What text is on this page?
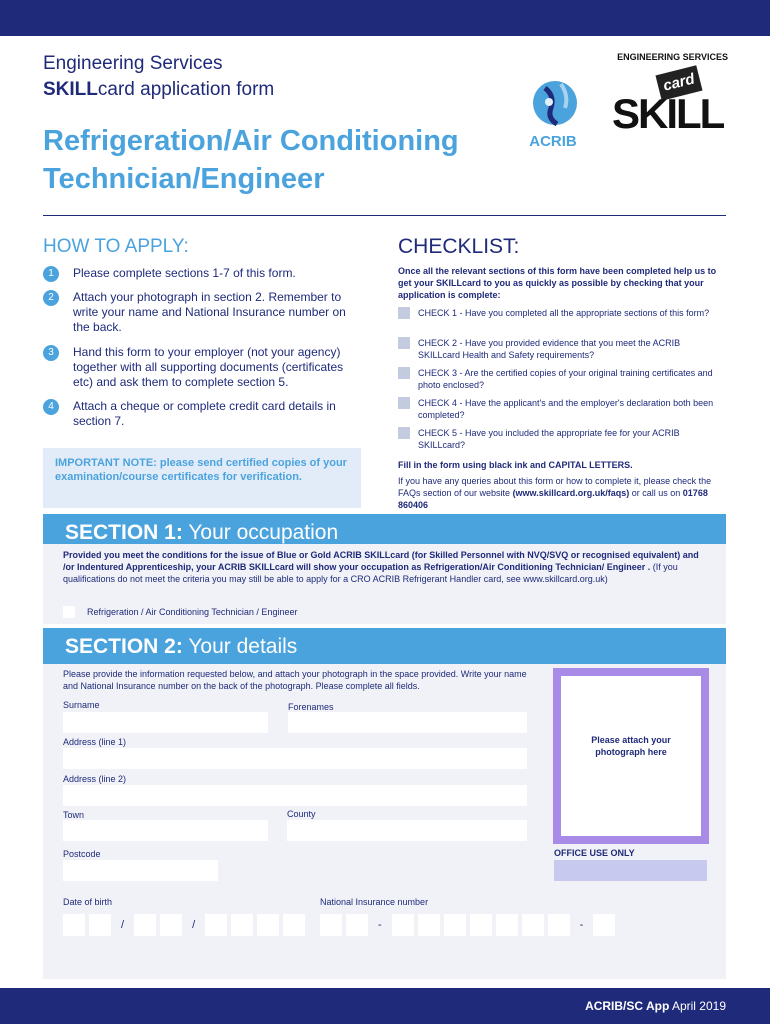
Engineering Services
SKILLcard application form
Refrigeration/Air Conditioning
Technician/Engineer
ACRIB
ENGINEERING SERVICES
card
SKILL
HOW TO APPLY:
1	Please complete sections 1-7 of this form.
2	Attach your photograph in section 2. Remember to write your name and National Insurance number on the back.
3	Hand this form to your employer (not your agency) together with all supporting documents (certificates etc) and ask them to complete section 5.
4	Attach a cheque or complete credit card details in section 7.
IMPORTANT NOTE: please send certified copies of your examination/course certificates for verification.
CHECKLIST:
Once all the relevant sections of this form have been completed help us to get your SKILLcard to you as quickly as possible by checking that your application is complete:
CHECK 1 - Have you completed all the appropriate sections of this form?
CHECK 2 - Have you provided evidence that you meet the ACRIB SKILLcard Health and Safety requirements?
CHECK 3 - Are the certified copies of your original training certificates and photo enclosed?
CHECK 4 - Have the applicant's and the employer's declaration both been completed?
CHECK 5 - Have you included the appropriate fee for your ACRIB SKILLcard?
Fill in the form using black ink and CAPITAL LETTERS.
If you have any queries about this form or how to complete it, please check the FAQs section of our website (www.skillcard.org.uk/faqs) or call us on 01768 860406
SECTION 1: Your occupation
Provided you meet the conditions for the issue of Blue or Gold ACRIB SKILLcard (for Skilled Personnel with NVQ/SVQ or recognised equivalent) and /or Indentured Apprenticeship, your ACRIB SKILLcard will show your occupation as Refrigeration/Air Conditioning Technician/ Engineer . (If you qualifications do not meet the criteria you may still be able to apply for a CRO ACRIB Refrigerant Handler card, see www.skillcard.org.uk)
Refrigeration / Air Conditioning Technician / Engineer
SECTION 2: Your details
Please provide the information requested below, and attach your photograph in the space provided. Write your name and National Insurance number on the back of the photograph. Please complete all fields.
Surname	Forenames
Address (line 1)
Address (line 2)
Town	County
Postcode
Date of birth
/	/
National Insurance number
-	-
Please attach your photograph here
OFFICE USE ONLY
ACRIB/SC App April 2019
